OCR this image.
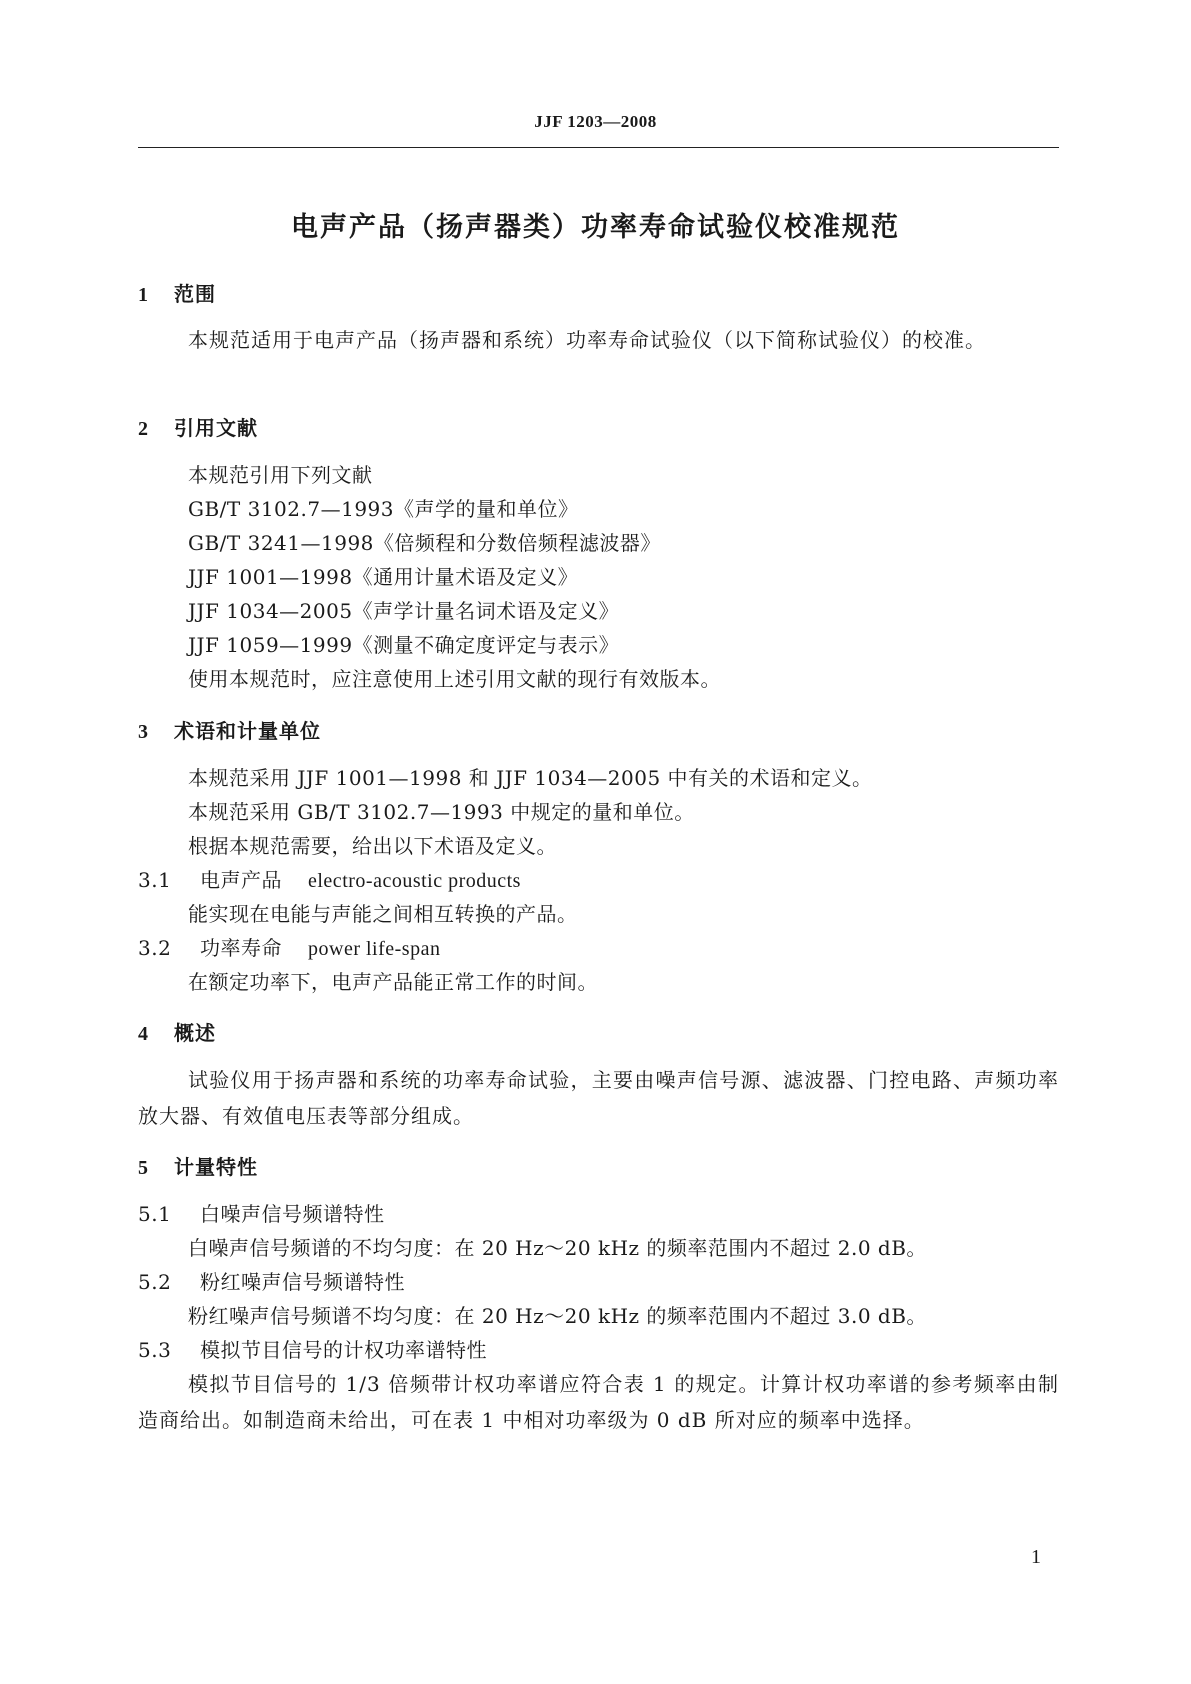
JJF 1203—2008
电声产品（扬声器类）功率寿命试验仪校准规范
1 范围
本规范适用于电声产品（扬声器和系统）功率寿命试验仪（以下简称试验仪）的校准。
2 引用文献
本规范引用下列文献
GB/T 3102.7—1993《声学的量和单位》
GB/T 3241—1998《倍频程和分数倍频程滤波器》
JJF 1001—1998《通用计量术语及定义》
JJF 1034—2005《声学计量名词术语及定义》
JJF 1059—1999《测量不确定度评定与表示》
使用本规范时，应注意使用上述引用文献的现行有效版本。
3 术语和计量单位
本规范采用 JJF 1001—1998 和 JJF 1034—2005 中有关的术语和定义。
本规范采用 GB/T 3102.7—1993 中规定的量和单位。
根据本规范需要，给出以下术语及定义。
3.1 电声产品 electro-acoustic products
能实现在电能与声能之间相互转换的产品。
3.2 功率寿命 power life-span
在额定功率下，电声产品能正常工作的时间。
4 概述
试验仪用于扬声器和系统的功率寿命试验，主要由噪声信号源、滤波器、门控电路、声频功率放大器、有效值电压表等部分组成。
5 计量特性
5.1 白噪声信号频谱特性
白噪声信号频谱的不均匀度：在 20 Hz～20 kHz 的频率范围内不超过 2.0 dB。
5.2 粉红噪声信号频谱特性
粉红噪声信号频谱不均匀度：在 20 Hz～20 kHz 的频率范围内不超过 3.0 dB。
5.3 模拟节目信号的计权功率谱特性
模拟节目信号的 1/3 倍频带计权功率谱应符合表 1 的规定。计算计权功率谱的参考频率由制造商给出。如制造商未给出，可在表 1 中相对功率级为 0 dB 所对应的频率中选择。
1
